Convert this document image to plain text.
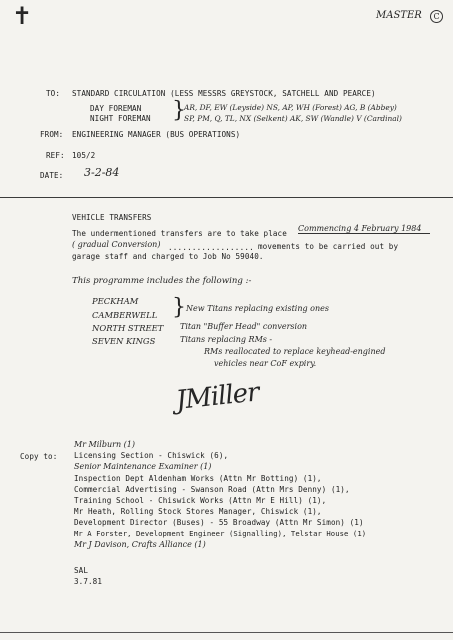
✝	MASTER	C
TO: STANDARD CIRCULATION (LESS MESSRS GREYSTOCK, SATCHELL AND PEARCE)
DAY FOREMAN
NIGHT FOREMAN }
AR, DF, EW (Leyside) NS, AP, WH (Forest) AG, B (Abbey)
SP, PM, Q, TL, NX (Selkent) AK, SW (Wandle) V (Cardinal)
FROM: ENGINEERING MANAGER (BUS OPERATIONS)
REF: 105/2
DATE: 3-2-84
VEHICLE TRANSFERS
The undermentioned transfers are to take place
Commencing 4 February 1984
( gradual Conversion) .................. movements to be carried out by
garage staff and charged to Job No 59040.
This programme includes the following :-
PECKHAM
CAMBERWELL
NORTH STREET
SEVEN KINGS
} New Titans replacing existing ones
Titan "Buffer Head" conversion
Titans replacing RMs -
RMs reallocated to replace keyhead-engined
vehicles near CoF expiry.
JMiller
Copy to:
Mr Milburn (1)
Licensing Section - Chiswick (6),
Senior Maintenance Examiner (1)
Inspection Dept Aldenham Works (Attn Mr Botting) (1),
Commercial Advertising - Swanson Road (Attn Mrs Denny) (1),
Training School - Chiswick Works (Attn Mr E Hill) (1),
Mr Heath, Rolling Stock Stores Manager, Chiswick (1),
Development Director (Buses) - 55 Broadway (Attn Mr Simon) (1)
Mr A Forster, Development Engineer (Signalling), Telstar House (1)
Mr J Davison, Crafts Alliance (1)
SAL
3.7.81
